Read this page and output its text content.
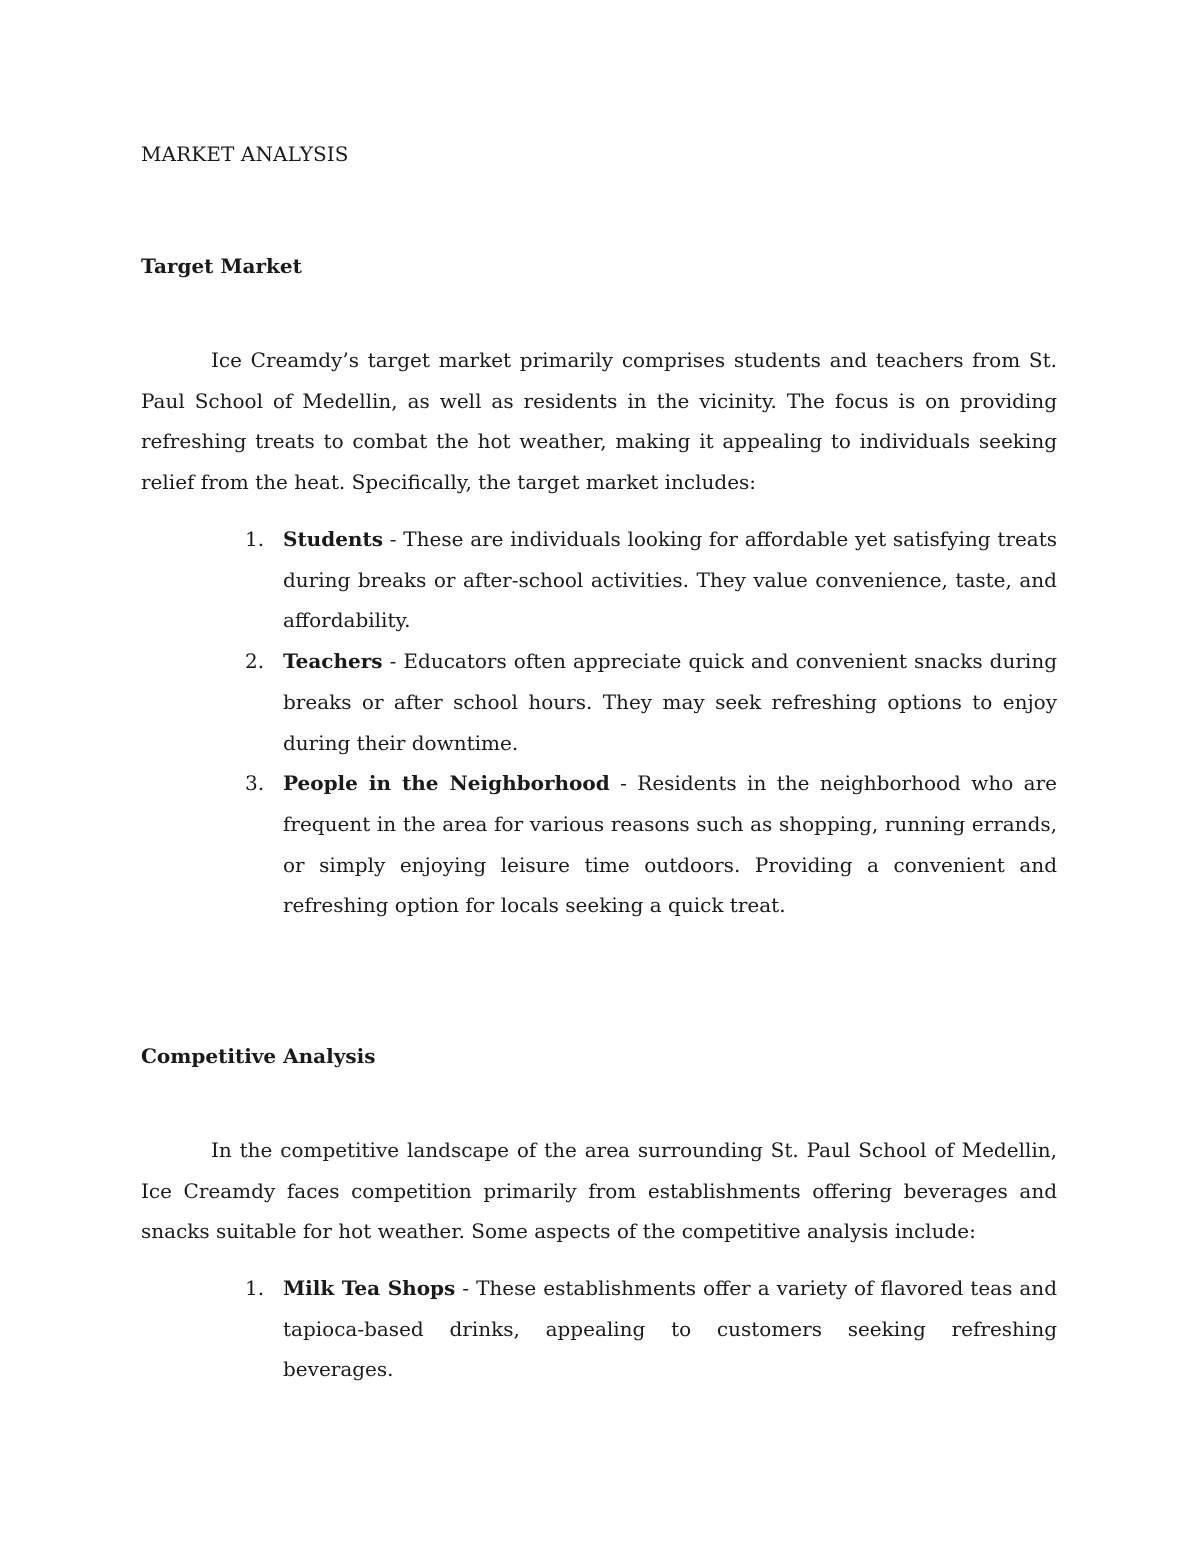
MARKET ANALYSIS
Target Market

Ice Creamdy’s target market primarily comprises students and teachers from St. Paul School of Medellin, as well as residents in the vicinity. The focus is on providing refreshing treats to combat the hot weather, making it appealing to individuals seeking relief from the heat. Specifically, the target market includes:

1. Students - These are individuals looking for affordable yet satisfying treats during breaks or after-school activities. They value convenience, taste, and affordability.
2. Teachers - Educators often appreciate quick and convenient snacks during breaks or after school hours. They may seek refreshing options to enjoy during their downtime.
3. People in the Neighborhood - Residents in the neighborhood who are frequent in the area for various reasons such as shopping, running errands, or simply enjoying leisure time outdoors. Providing a convenient and refreshing option for locals seeking a quick treat.
Competitive Analysis

In the competitive landscape of the area surrounding St. Paul School of Medellin, Ice Creamdy faces competition primarily from establishments offering beverages and snacks suitable for hot weather. Some aspects of the competitive analysis include:

1. Milk Tea Shops - These establishments offer a variety of flavored teas and tapioca-based drinks, appealing to customers seeking refreshing beverages.
